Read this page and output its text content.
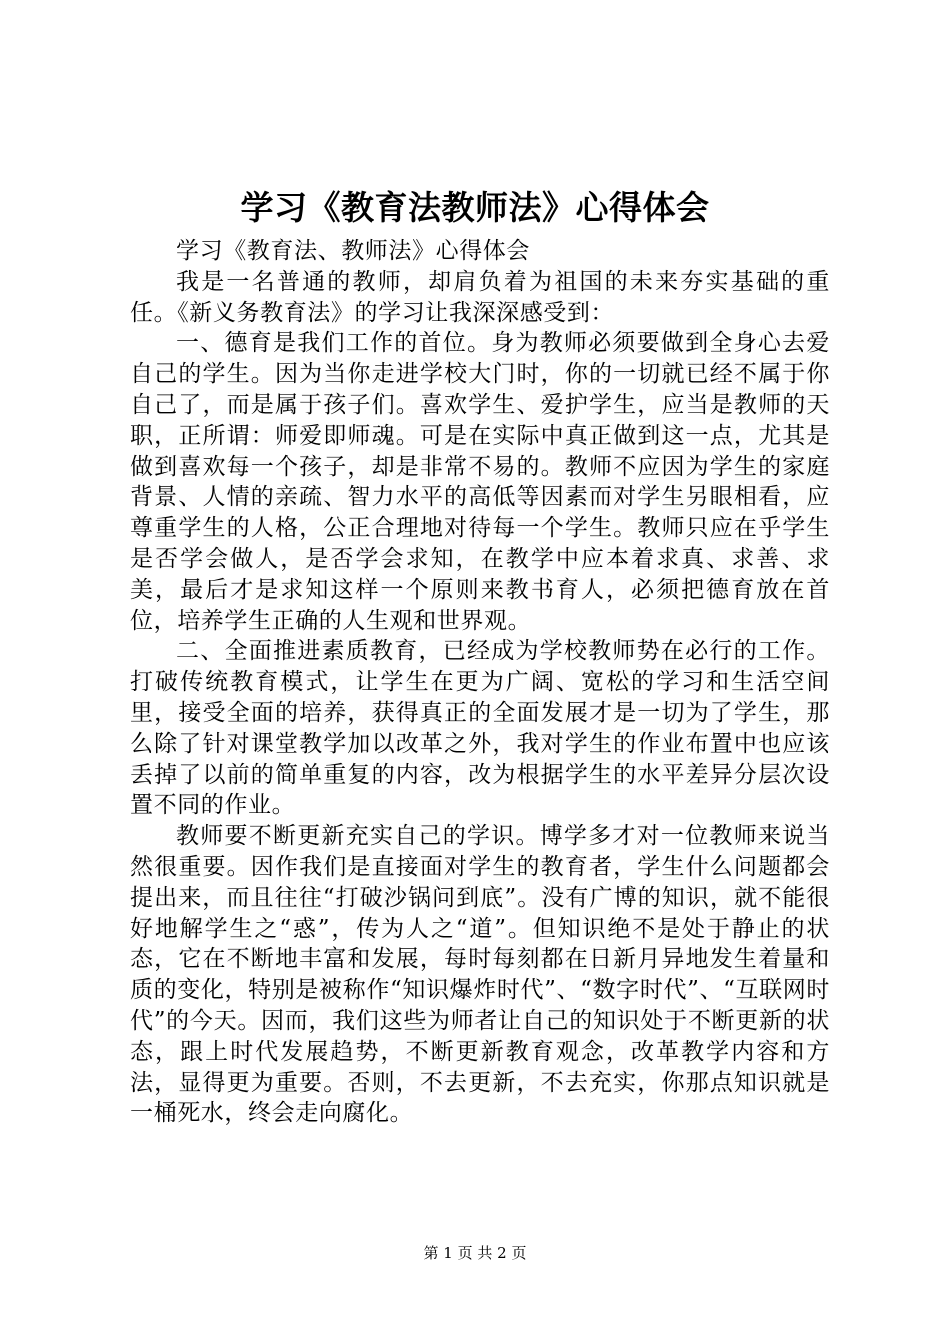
学习《教育法教师法》心得体会

学习《教育法、教师法》心得体会

我是一名普通的教师，却肩负着为祖国的未来夯实基础的重任。《新义务教育法》的学习让我深深感受到：

一、德育是我们工作的首位。身为教师必须要做到全身心去爱自己的学生。因为当你走进学校大门时，你的一切就已经不属于你自己了，而是属于孩子们。喜欢学生、爱护学生，应当是教师的天职，正所谓：师爱即师魂。可是在实际中真正做到这一点，尤其是做到喜欢每一个孩子，却是非常不易的。教师不应因为学生的家庭背景、人情的亲疏、智力水平的高低等因素而对学生另眼相看，应尊重学生的人格，公正合理地对待每一个学生。教师只应在乎学生是否学会做人，是否学会求知，在教学中应本着求真、求善、求美，最后才是求知这样一个原则来教书育人，必须把德育放在首位，培养学生正确的人生观和世界观。

二、全面推进素质教育，已经成为学校教师势在必行的工作。打破传统教育模式，让学生在更为广阔、宽松的学习和生活空间里，接受全面的培养，获得真正的全面发展才是一切为了学生，那么除了针对课堂教学加以改革之外，我对学生的作业布置中也应该丢掉了以前的简单重复的内容，改为根据学生的水平差异分层次设置不同的作业。

教师要不断更新充实自己的学识。博学多才对一位教师来说当然很重要。因作我们是直接面对学生的教育者，学生什么问题都会提出来，而且往往“打破沙锅问到底”。没有广博的知识，就不能很好地解学生之“惑”，传为人之“道”。但知识绝不是处于静止的状态，它在不断地丰富和发展，每时每刻都在日新月异地发生着量和质的变化，特别是被称作“知识爆炸时代”、“数字时代”、“互联网时代”的今天。因而，我们这些为师者让自己的知识处于不断更新的状态，跟上时代发展趋势，不断更新教育观念，改革教学内容和方法，显得更为重要。否则，不去更新，不去充实，你那点知识就是一桶死水，终会走向腐化。

第 1 页 共 2 页
